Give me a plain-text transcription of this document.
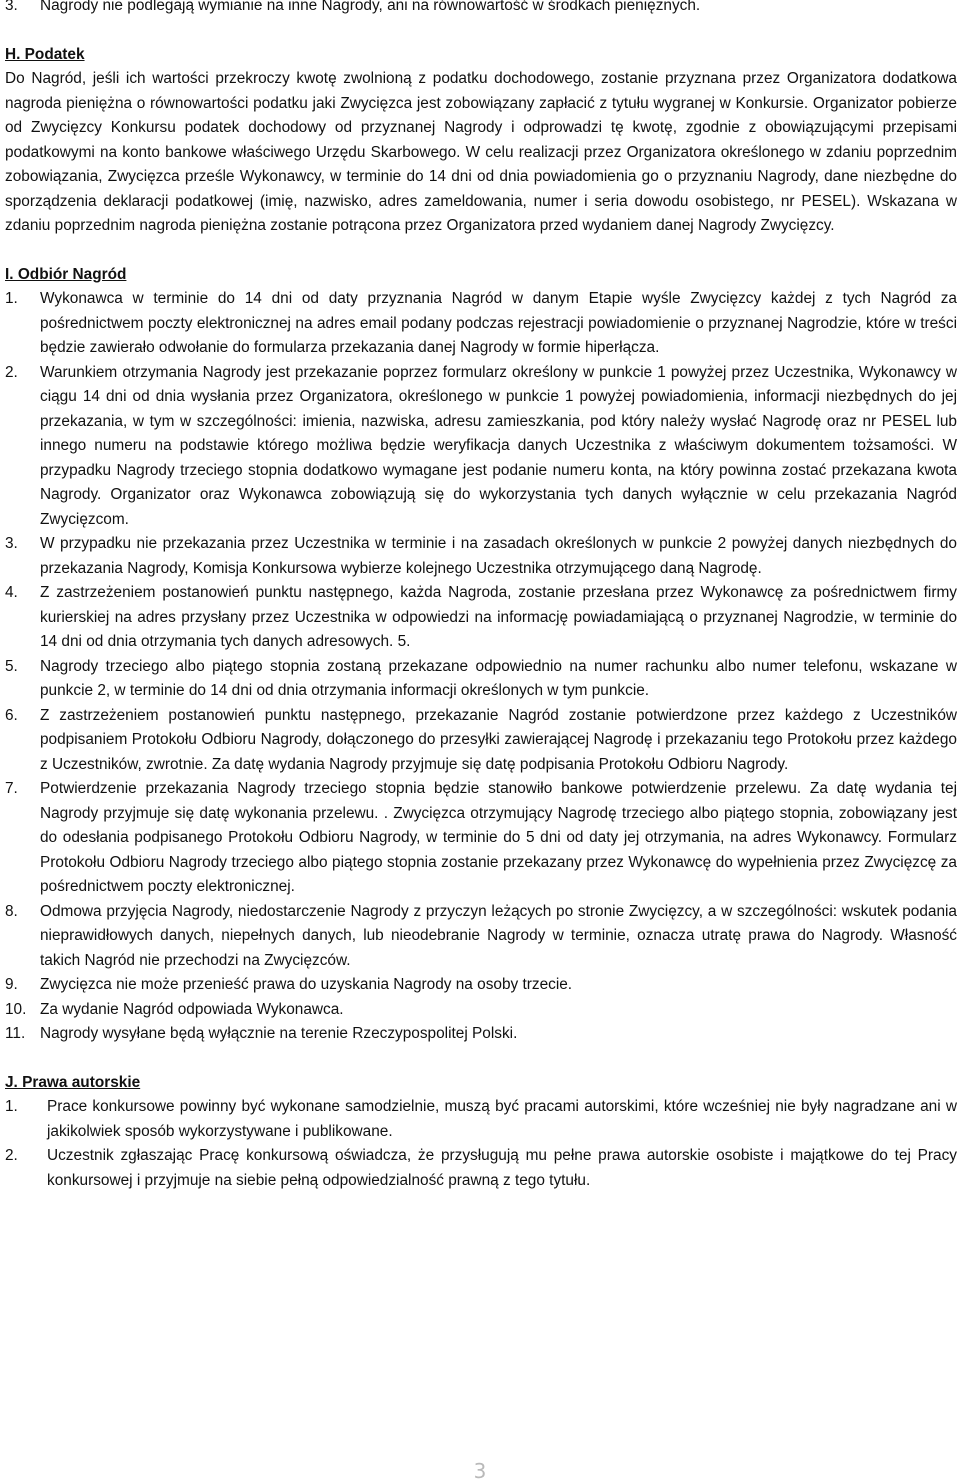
3.	Nagrody nie podlegają wymianie na inne Nagrody, ani na równowartość w środkach pieniężnych.
H. Podatek
Do Nagród, jeśli ich wartości przekroczy kwotę zwolnioną z podatku dochodowego, zostanie przyznana przez Organizatora dodatkowa nagroda pieniężna o równowartości podatku jaki Zwycięzca jest zobowiązany zapłacić z tytułu wygranej w Konkursie. Organizator pobierze od Zwycięzcy Konkursu podatek dochodowy od przyznanej Nagrody i odprowadzi tę kwotę, zgodnie z obowiązującymi przepisami podatkowymi na konto bankowe właściwego Urzędu Skarbowego. W celu realizacji przez Organizatora określonego w zdaniu poprzednim zobowiązania, Zwycięzca prześle Wykonawcy, w terminie do 14 dni od dnia powiadomienia go o przyznaniu Nagrody, dane niezbędne do sporządzenia deklaracji podatkowej (imię, nazwisko, adres zameldowania, numer i seria dowodu osobistego, nr PESEL). Wskazana w zdaniu poprzednim nagroda pieniężna zostanie potrącona przez Organizatora przed wydaniem danej Nagrody Zwycięzcy.
I. Odbiór Nagród
1.	Wykonawca w terminie do 14 dni od daty przyznania Nagród w danym Etapie wyśle Zwycięzcy każdej z tych Nagród za pośrednictwem poczty elektronicznej na adres email podany podczas rejestracji powiadomienie o przyznanej Nagrodzie, które w treści będzie zawierało odwołanie do formularza przekazania danej Nagrody w formie hiperłącza.
2.	Warunkiem otrzymania Nagrody jest przekazanie poprzez formularz określony w punkcie 1 powyżej przez Uczestnika, Wykonawcy w ciągu 14 dni od dnia wysłania przez Organizatora, określonego w punkcie 1 powyżej powiadomienia, informacji niezbędnych do jej przekazania, w tym w szczególności: imienia, nazwiska, adresu zamieszkania, pod który należy wysłać Nagrodę oraz nr PESEL lub innego numeru na podstawie którego możliwa będzie weryfikacja danych Uczestnika z właściwym dokumentem tożsamości. W przypadku Nagrody trzeciego stopnia dodatkowo wymagane jest podanie numeru konta, na który powinna zostać przekazana kwota Nagrody. Organizator oraz Wykonawca zobowiązują się do wykorzystania tych danych wyłącznie w celu przekazania Nagród Zwycięzcom.
3.	W przypadku nie przekazania przez Uczestnika w terminie i na zasadach określonych w punkcie 2 powyżej danych niezbędnych do przekazania Nagrody, Komisja Konkursowa wybierze kolejnego Uczestnika otrzymującego daną Nagrodę.
4.	Z zastrzeżeniem postanowień punktu następnego, każda Nagroda, zostanie przesłana przez Wykonawcę za pośrednictwem firmy kurierskiej na adres przysłany przez Uczestnika w odpowiedzi na informację powiadamiającą o przyznanej Nagrodzie, w terminie do 14 dni od dnia otrzymania tych danych adresowych. 5.
5.	Nagrody trzeciego albo piątego stopnia zostaną przekazane odpowiednio na numer rachunku albo numer telefonu, wskazane w punkcie 2, w terminie do 14 dni od dnia otrzymania informacji określonych w tym punkcie.
6.	Z zastrzeżeniem postanowień punktu następnego, przekazanie Nagród zostanie potwierdzone przez każdego z Uczestników podpisaniem Protokołu Odbioru Nagrody, dołączonego do przesyłki zawierającej Nagrodę i przekazaniu tego Protokołu przez każdego z Uczestników, zwrotnie. Za datę wydania Nagrody przyjmuje się datę podpisania Protokołu Odbioru Nagrody.
7.	Potwierdzenie przekazania Nagrody trzeciego stopnia będzie stanowiło bankowe potwierdzenie przelewu. Za datę wydania tej Nagrody przyjmuje się datę wykonania przelewu. . Zwycięzca otrzymujący Nagrodę trzeciego albo piątego stopnia, zobowiązany jest do odesłania podpisanego Protokołu Odbioru Nagrody, w terminie do 5 dni od daty jej otrzymania, na adres Wykonawcy. Formularz Protokołu Odbioru Nagrody trzeciego albo piątego stopnia zostanie przekazany przez Wykonawcę do wypełnienia przez Zwycięzcę za pośrednictwem poczty elektronicznej.
8.	Odmowa przyjęcia Nagrody, niedostarczenie Nagrody z przyczyn leżących po stronie Zwycięzcy, a w szczególności: wskutek podania nieprawidłowych danych, niepełnych danych, lub nieodebranie Nagrody w terminie, oznacza utratę prawa do Nagrody. Własność takich Nagród nie przechodzi na Zwycięzców.
9.	Zwycięzca nie może przenieść prawa do uzyskania Nagrody na osoby trzecie.
10. Za wydanie Nagród odpowiada Wykonawca.
11. Nagrody wysyłane będą wyłącznie na terenie Rzeczypospolitej Polski.
J. Prawa autorskie
1.	Prace konkursowe powinny być wykonane samodzielnie, muszą być pracami autorskimi, które wcześniej nie były nagradzane ani w jakikolwiek sposób wykorzystywane i publikowane.
2.	Uczestnik zgłaszając Pracę konkursową oświadcza, że przysługują mu pełne prawa autorskie osobiste i majątkowe do tej Pracy konkursowej i przyjmuje na siebie pełną odpowiedzialność prawną z tego tytułu.
3
